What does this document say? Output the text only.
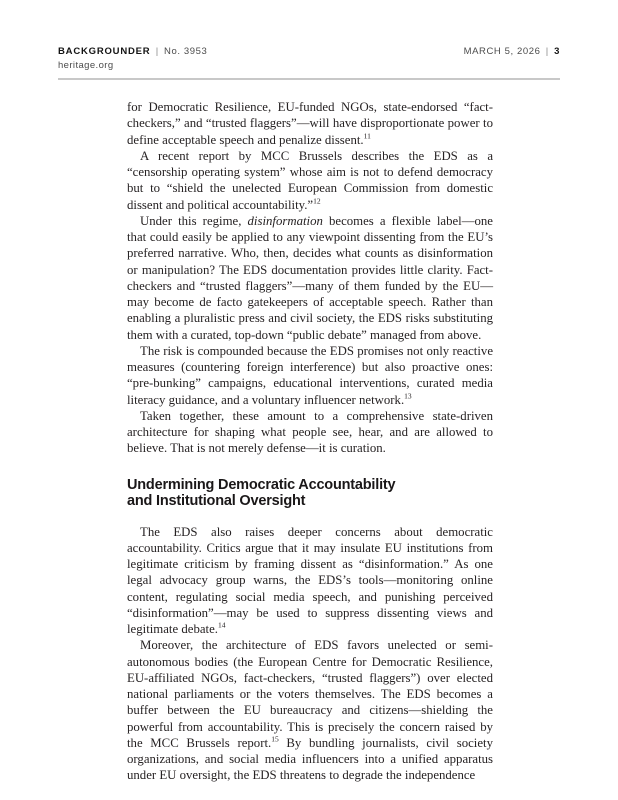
BACKGROUNDER | No. 3953	MARCH 5, 2026 | 3
heritage.org

for Democratic Resilience, EU-funded NGOs, state-endorsed “fact-checkers,” and “trusted flaggers”—will have disproportionate power to define acceptable speech and penalize dissent.$^{11}$

A recent report by MCC Brussels describes the EDS as a “censorship operating system” whose aim is not to defend democracy but to “shield the unelected European Commission from domestic dissent and political accountability.”$^{12}$

Under this regime, disinformation becomes a flexible label—one that could easily be applied to any viewpoint dissenting from the EU’s preferred narrative. Who, then, decides what counts as disinformation or manipulation? The EDS documentation provides little clarity. Fact-checkers and “trusted flaggers”—many of them funded by the EU—may become de facto gatekeepers of acceptable speech. Rather than enabling a pluralistic press and civil society, the EDS risks substituting them with a curated, top-down “public debate” managed from above.

The risk is compounded because the EDS promises not only reactive measures (countering foreign interference) but also proactive ones: “pre-bunking” campaigns, educational interventions, curated media literacy guidance, and a voluntary influencer network.$^{13}$

Taken together, these amount to a comprehensive state-driven architecture for shaping what people see, hear, and are allowed to believe. That is not merely defense—it is curation.

Undermining Democratic Accountability
and Institutional Oversight

The EDS also raises deeper concerns about democratic accountability. Critics argue that it may insulate EU institutions from legitimate criticism by framing dissent as “disinformation.” As one legal advocacy group warns, the EDS’s tools—monitoring online content, regulating social media speech, and punishing perceived “disinformation”—may be used to suppress dissenting views and legitimate debate.$^{14}$

Moreover, the architecture of EDS favors unelected or semi-autonomous bodies (the European Centre for Democratic Resilience, EU-affiliated NGOs, fact-checkers, “trusted flaggers”) over elected national parliaments or the voters themselves. The EDS becomes a buffer between the EU bureaucracy and citizens—shielding the powerful from accountability. This is precisely the concern raised by the MCC Brussels report.$^{15}$ By bundling journalists, civil society organizations, and social media influencers into a unified apparatus under EU oversight, the EDS threatens to degrade the independence
